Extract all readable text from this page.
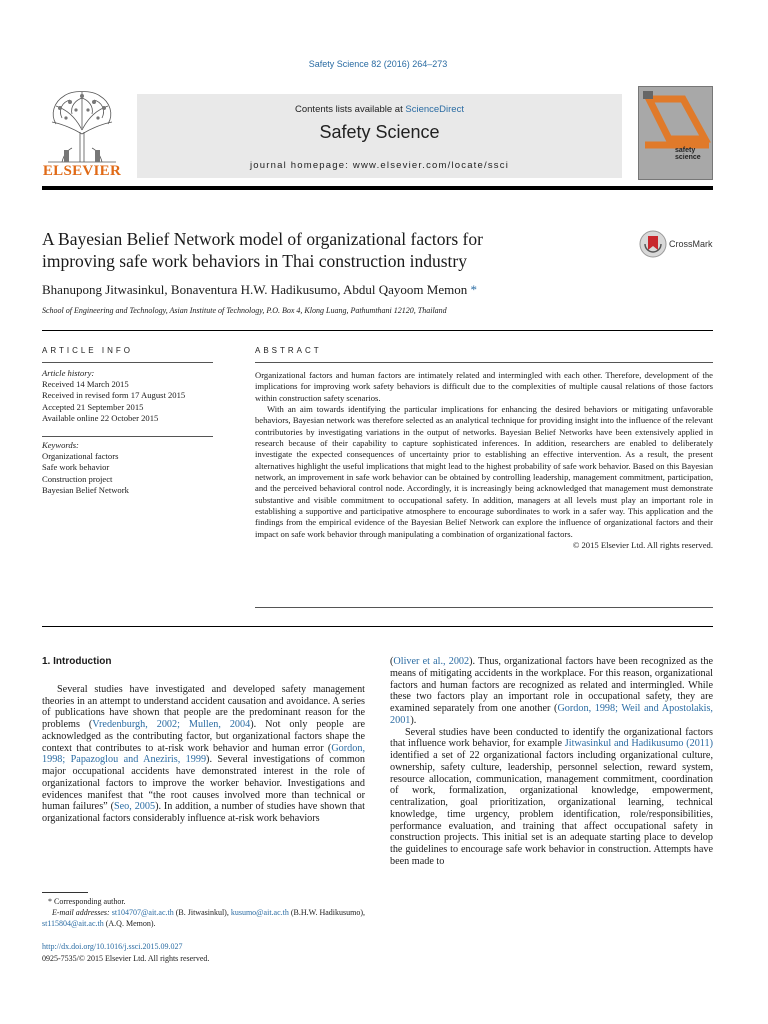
Safety Science 82 (2016) 264–273
ELSEVIER
Contents lists available at ScienceDirect
Safety Science
journal homepage: www.elsevier.com/locate/ssci
safety
science
A Bayesian Belief Network model of organizational factors for
improving safe work behaviors in Thai construction industry
CrossMark
Bhanupong Jitwasinkul, Bonaventura H.W. Hadikusumo, Abdul Qayoom Memon *
School of Engineering and Technology, Asian Institute of Technology, P.O. Box 4, Klong Luang, Pathumthani 12120, Thailand
ARTICLE INFO	ABSTRACT
Article history:
Received 14 March 2015
Received in revised form 17 August 2015
Accepted 21 September 2015
Available online 22 October 2015
Keywords:
Organizational factors
Safe work behavior
Construction project
Bayesian Belief Network

Organizational factors and human factors are intimately related and intermingled with each other. Therefore, development of the implications for improving work safety behaviors is difficult due to the complexities of multiple causal relations of those factors within construction safety scenarios.

With an aim towards identifying the particular implications for enhancing the desired behaviors or mitigating unfavorable behaviors, Bayesian network was therefore selected as an analytical technique for providing insight into the influence of the relevant contributories by investigating variations in the output of networks. Bayesian Belief Networks have been extensively applied in research because of their capability to capture sophisticated inferences. In addition, researchers are enabled to deliberately investigate the expected consequences of uncertainty prior to establishing an effective intervention. As a result, the present alternatives highlight the useful implications that might lead to the highest probability of safe work behavior. Based on this Bayesian network, an improvement in safe work behavior can be obtained by controlling leadership, management commitment, participation, and the perceived behavioral control node. Accordingly, it is increasingly being acknowledged that management must demonstrate substantive and visible commitment to occupational safety. In addition, managers at all levels must play an important role in establishing a supportive and participative atmosphere to encourage subordinates to work in a safer way. This application and the findings from the empirical evidence of the Bayesian Belief Network can explore the influence of organizational factors and their impact on safe work behavior through manipulating a combination of organizational factors.

© 2015 Elsevier Ltd. All rights reserved.
1. Introduction

Several studies have investigated and developed safety management theories in an attempt to understand accident causation and avoidance. A series of publications have shown that people are the predominant reason for the problems (Vredenburgh, 2002; Mullen, 2004). Not only people are acknowledged as the contributing factor, but organizational factors shape the context that contributes to at-risk work behavior and human error (Gordon, 1998; Papazoglou and Aneziris, 1999). Several investigations of common major occupational accidents have demonstrated interest in the role of organizational factors to improve the worker behavior. Investigations and evidences manifest that “the root causes involved more than technical or human failures” (Seo, 2005). In addition, a number of studies have shown that organizational factors considerably influence at-risk work behaviors

(Oliver et al., 2002). Thus, organizational factors have been recognized as the means of mitigating accidents in the workplace. For this reason, organizational factors and human factors are recognized as related and intermingled. While these two factors play an important role in occupational safety, they are examined separately from one another (Gordon, 1998; Weil and Apostolakis, 2001).

Several studies have been conducted to identify the organizational factors that influence work behavior, for example Jitwasinkul and Hadikusumo (2011) identified a set of 22 organizational factors including organizational culture, ownership, safety culture, leadership, personnel selection, reward system, resource allocation, communication, management commitment, coordination of work, formalization, organizational knowledge, empowerment, centralization, goal prioritization, organizational learning, technical knowledge, time urgency, problem identification, role/responsibilities, performance evaluation, and training that affect occupational safety in construction projects. This initial set is an adequate starting place to develop the guidelines to encourage safe work behavior in construction. Attempts have been made to

* Corresponding author.
E-mail addresses: st104707@ait.ac.th (B. Jitwasinkul), kusumo@ait.ac.th (B.H.W. Hadikusumo), st115804@ait.ac.th (A.Q. Memon).
http://dx.doi.org/10.1016/j.ssci.2015.09.027
0925-7535/© 2015 Elsevier Ltd. All rights reserved.
